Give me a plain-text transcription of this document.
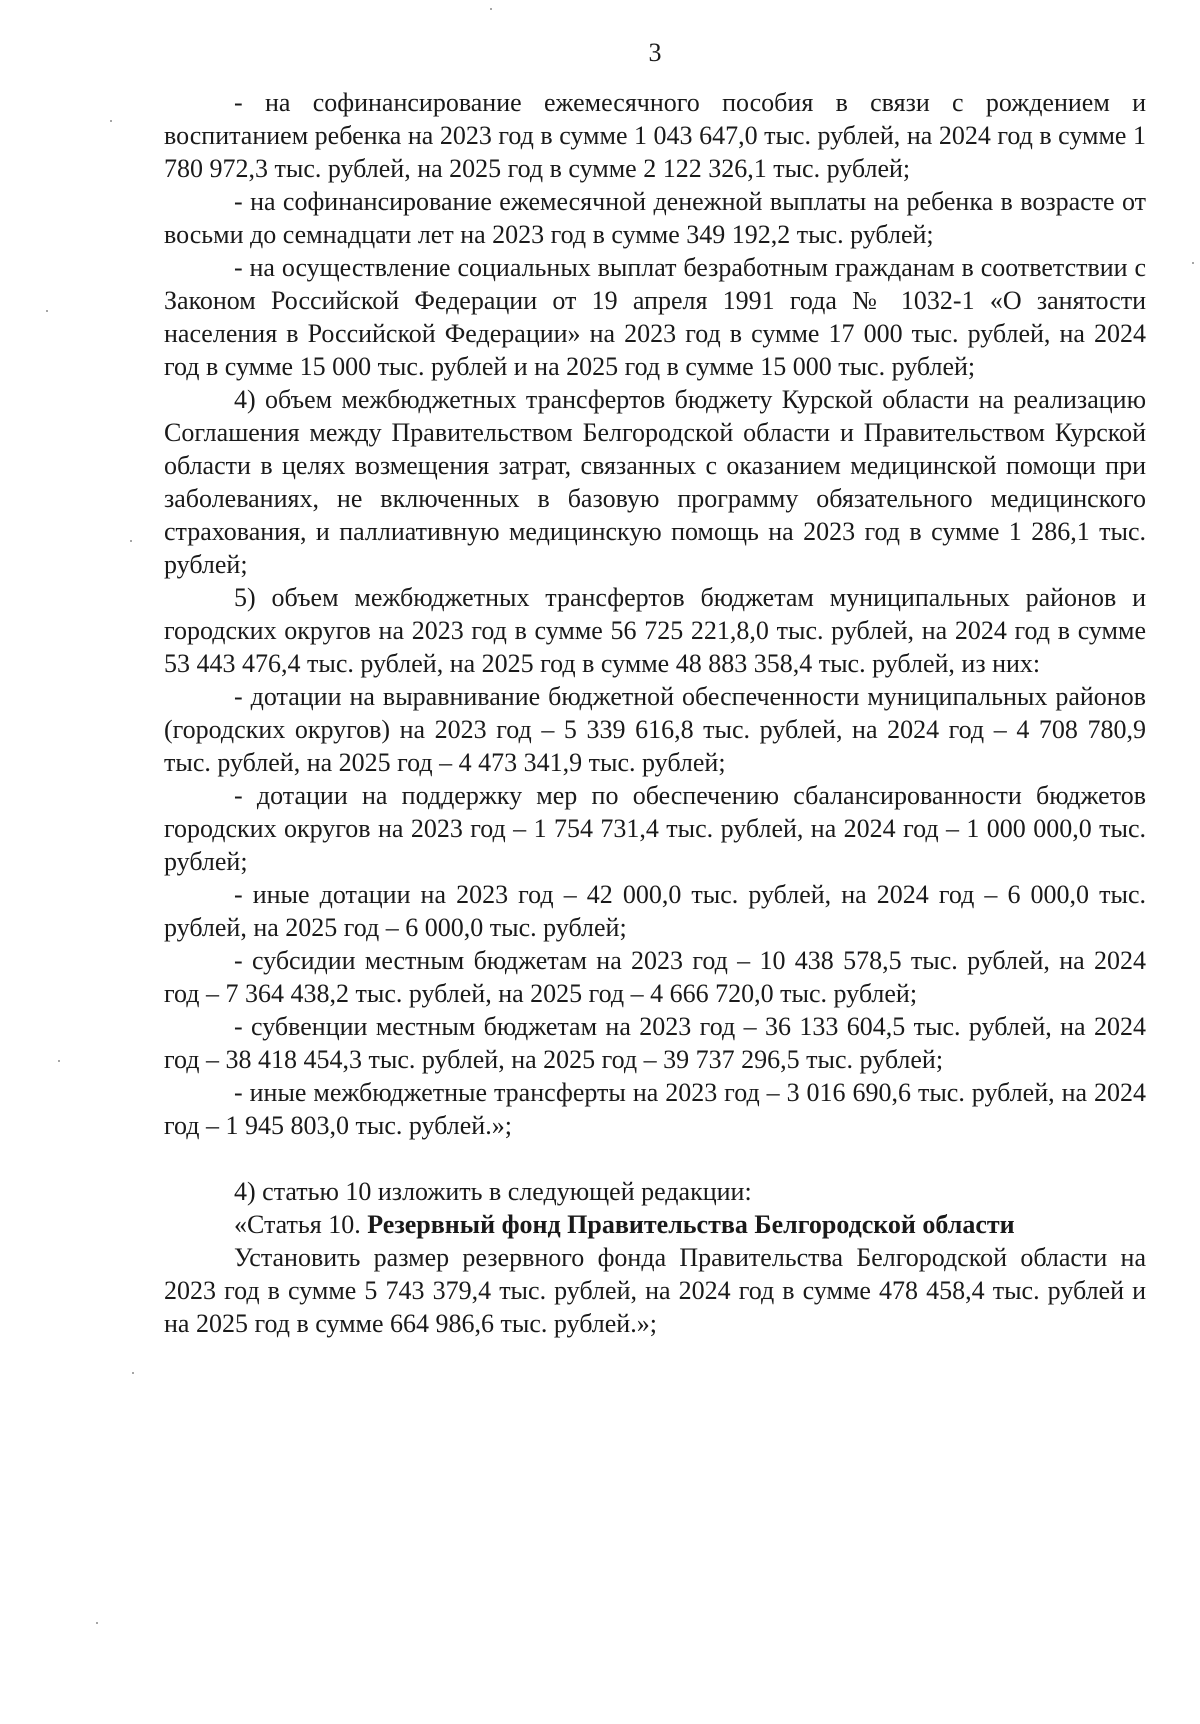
3

- на софинансирование ежемесячного пособия в связи с рождением и воспитанием ребенка на 2023 год в сумме 1 043 647,0 тыс. рублей, на 2024 год в сумме 1 780 972,3 тыс. рублей, на 2025 год в сумме 2 122 326,1 тыс. рублей;

- на софинансирование ежемесячной денежной выплаты на ребенка в возрасте от восьми до семнадцати лет на 2023 год в сумме 349 192,2 тыс. рублей;

- на осуществление социальных выплат безработным гражданам в соответствии с Законом Российской Федерации от 19 апреля 1991 года № 1032-1 «О занятости населения в Российской Федерации» на 2023 год в сумме 17 000 тыс. рублей, на 2024 год в сумме 15 000 тыс. рублей и на 2025 год в сумме 15 000 тыс. рублей;

4) объем межбюджетных трансфертов бюджету Курской области на реализацию Соглашения между Правительством Белгородской области и Правительством Курской области в целях возмещения затрат, связанных с оказанием медицинской помощи при заболеваниях, не включенных в базовую программу обязательного медицинского страхования, и паллиативную медицинскую помощь на 2023 год в сумме 1 286,1 тыс. рублей;

5) объем межбюджетных трансфертов бюджетам муниципальных районов и городских округов на 2023 год в сумме 56 725 221,8,0 тыс. рублей, на 2024 год в сумме 53 443 476,4 тыс. рублей, на 2025 год в сумме 48 883 358,4 тыс. рублей, из них:

- дотации на выравнивание бюджетной обеспеченности муниципальных районов (городских округов) на 2023 год – 5 339 616,8 тыс. рублей, на 2024 год – 4 708 780,9 тыс. рублей, на 2025 год – 4 473 341,9 тыс. рублей;

- дотации на поддержку мер по обеспечению сбалансированности бюджетов городских округов на 2023 год – 1 754 731,4 тыс. рублей, на 2024 год – 1 000 000,0 тыс. рублей;

- иные дотации на 2023 год – 42 000,0 тыс. рублей, на 2024 год – 6 000,0 тыс. рублей, на 2025 год – 6 000,0 тыс. рублей;

- субсидии местным бюджетам на 2023 год – 10 438 578,5 тыс. рублей, на 2024 год – 7 364 438,2 тыс. рублей, на 2025 год – 4 666 720,0 тыс. рублей;

- субвенции местным бюджетам на 2023 год – 36 133 604,5 тыс. рублей, на 2024 год – 38 418 454,3 тыс. рублей, на 2025 год – 39 737 296,5 тыс. рублей;

- иные межбюджетные трансферты на 2023 год – 3 016 690,6 тыс. рублей, на 2024 год – 1 945 803,0 тыс. рублей.»;

4) статью 10 изложить в следующей редакции:

«Статья 10. Резервный фонд Правительства Белгородской области

Установить размер резервного фонда Правительства Белгородской области на 2023 год в сумме 5 743 379,4 тыс. рублей, на 2024 год в сумме 478 458,4 тыс. рублей и на 2025 год в сумме 664 986,6 тыс. рублей.»;
